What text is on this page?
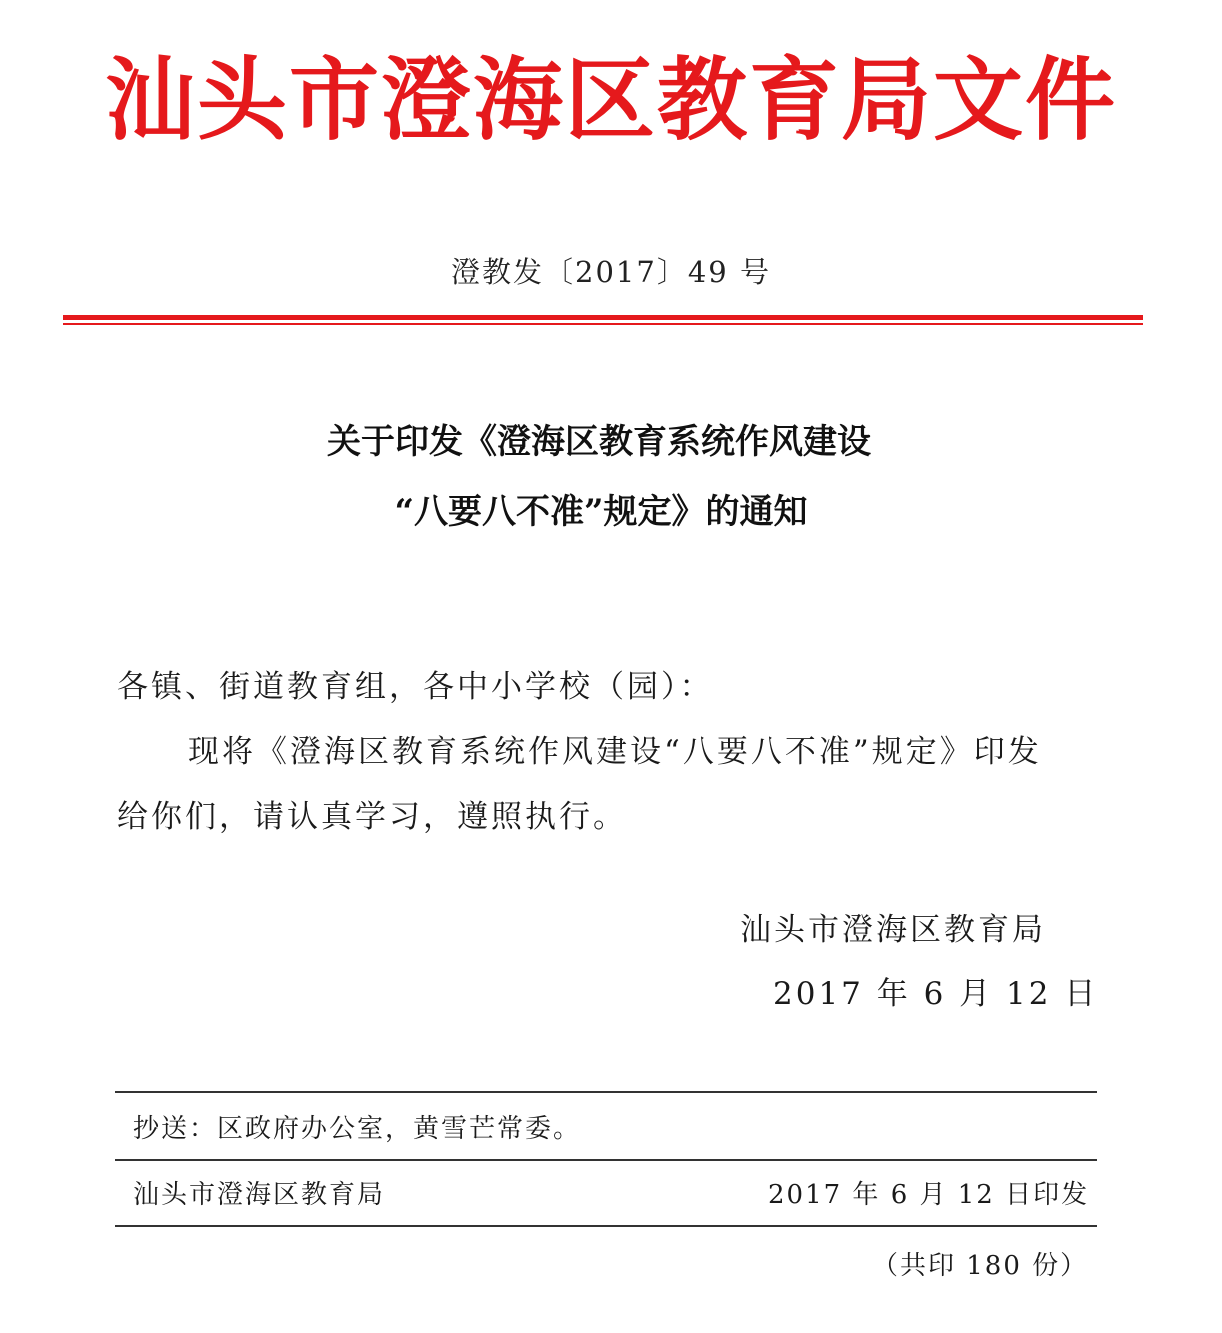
汕头市澄海区教育局文件
澄教发〔2017〕49 号
关于印发《澄海区教育系统作风建设
“八要八不准”规定》的通知
各镇、街道教育组，各中小学校（园）：
现将《澄海区教育系统作风建设“八要八不准”规定》印发
给你们，请认真学习，遵照执行。
汕头市澄海区教育局
2017 年 6 月 12 日
抄送：区政府办公室，黄雪芒常委。
汕头市澄海区教育局	2017 年 6 月 12 日印发
（共印 180 份）
